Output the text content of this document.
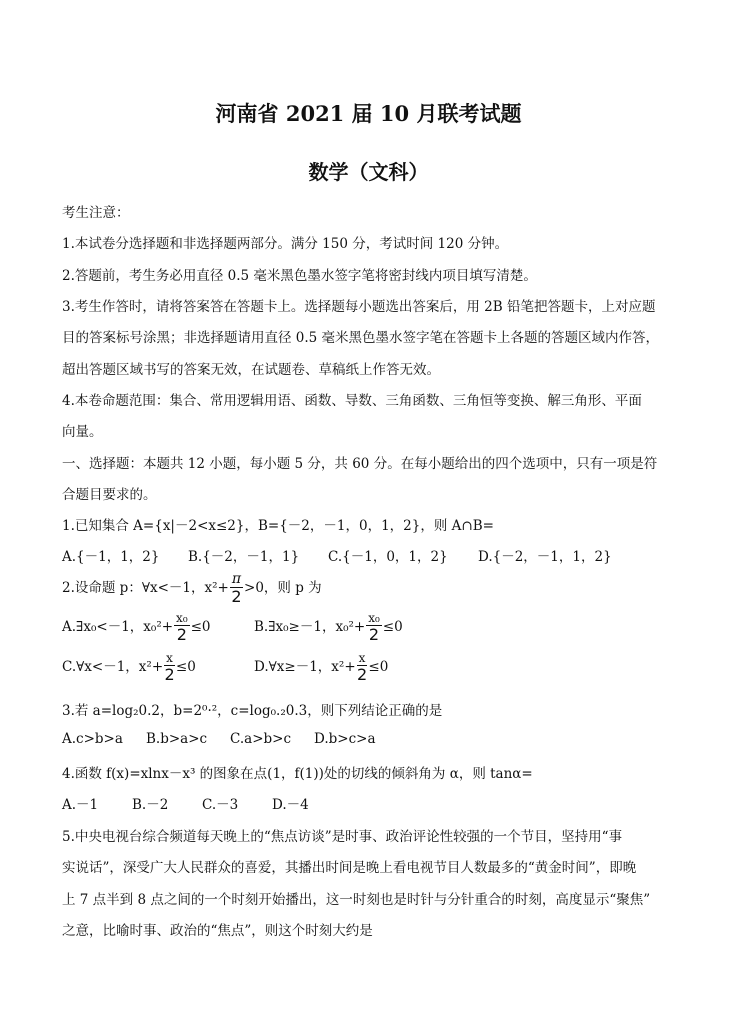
河南省 2021 届 10 月联考试题
数学（文科）
考生注意：
1.本试卷分选择题和非选择题两部分。满分 150 分，考试时间 120 分钟。
2.答题前，考生务必用直径 0.5 毫米黑色墨水签字笔将密封线内项目填写清楚。
3.考生作答时，请将答案答在答题卡上。选择题每小题选出答案后，用 2B 铅笔把答题卡，上对应题
目的答案标号涂黑；非选择题请用直径 0.5 毫米黑色墨水签字笔在答题卡上各题的答题区域内作答，
超出答题区域书写的答案无效，在试题卷、草稿纸上作答无效。
4.本卷命题范围：集合、常用逻辑用语、函数、导数、三角函数、三角恒等变换、解三角形、平面
向量。
一、选择题：本题共 12 小题，每小题 5 分，共 60 分。在每小题给出的四个选项中，只有一项是符
合题目要求的。
1.已知集合 A={x|－2<x≤2}，B={－2，－1，0，1，2}，则 A∩B=
A.{－1，1，2} B.{－2，－1，1} C.{－1，0，1，2} D.{－2，－1，1，2}
2.设命题 p：∀x<－1，$x^2+ \frac{\pi}{2} >0$，则 p 为
A.∃x₀<－1，$x_0^2+ \frac{\text{x₀}}{2} \le 0$	B.∃x₀≥－1，$x_0^2+ \frac{\text{x₀}}{2} \le 0$
C.∀x<－1，$x^2+ \frac{x}{2} \le 0$	D.∀x≥－1，$x^2+ \frac{x}{2} \le 0$
3.若 a=log₂0.2，b=2⁰·²，c=log₀.₂0.3，则下列结论正确的是
A.c>b>a B.b>a>c C.a>b>c D.b>c>a
4.函数 f(x)=xlnx－x³ 的图象在点(1，f(1))处的切线的倾斜角为 α，则 tanα=
A.－1	B.－2 C.－3	D.－4
5.中央电视台综合频道每天晚上的“焦点访谈”是时事、政治评论性较强的一个节目，坚持用“事
实说话”，深受广大人民群众的喜爱，其播出时间是晚上看电视节目人数最多的“黄金时间”，即晚
上 7 点半到 8 点之间的一个时刻开始播出，这一时刻也是时针与分针重合的时刻，高度显示“聚焦”
之意，比喻时事、政治的“焦点”，则这个时刻大约是
